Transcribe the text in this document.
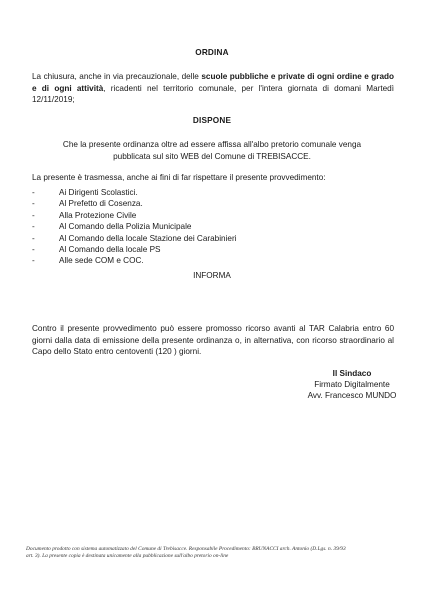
ORDINA
La chiusura, anche in via precauzionale, delle scuole pubbliche e private di ogni ordine e grado e di ogni attività, ricadenti nel territorio comunale, per l'intera giornata di domani Martedì 12/11/2019;
DISPONE
Che la presente ordinanza oltre ad essere affissa all'albo pretorio comunale venga pubblicata sul sito WEB del Comune di TREBISACCE.
La presente è trasmessa, anche ai fini di far rispettare il presente provvedimento:
-	Ai Dirigenti Scolastici.
-	Al Prefetto di Cosenza.
-	Alla Protezione Civile
-	Al Comando della Polizia Municipale
-	Al Comando della locale Stazione dei Carabinieri
-	Al Comando della locale PS
-	Alle sede COM e COC.
INFORMA
Contro il presente provvedimento può essere promosso ricorso avanti al TAR Calabria entro 60 giorni dalla data di emissione della presente ordinanza o, in alternativa, con ricorso straordinario al Capo dello Stato entro centoventi (120 ) giorni.
Il Sindaco
Firmato Digitalmente
Avv. Francesco MUNDO
Documento prodotto con sistema automatizzato del Comune di Trebisacce. Responsabile Procedimento: BRUNACCI arch. Antonio (D.Lgs. n. 39/93
art. 3). La presente copia è destinata unicamente alla pubblicazione sull'albo pretorio on-line
